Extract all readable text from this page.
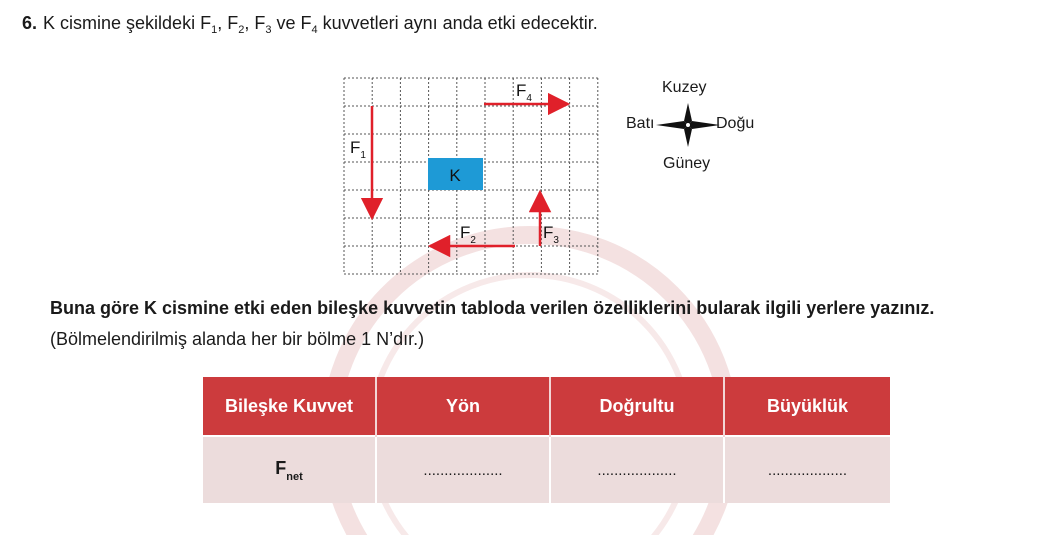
6. K cismine şekildeki $F_1$, $F_2$, $F_3$ ve $F_4$ kuvvetleri aynı anda etki edecektir.
K
$F_1$
$F_2$	$F_3$
$F_4$
Kuzey
Güney
Batı	Doğu
Buna göre K cismine etki eden bileşke kuvvetin tabloda verilen özelliklerini bularak ilgili yerlere yazınız. (Bölmelendirilmiş alanda her bir bölme 1 N’dır.)
Bileşke Kuvvet	Yön	Doğrultu	Büyüklük
$F_{net}$	...................	...................	...................
